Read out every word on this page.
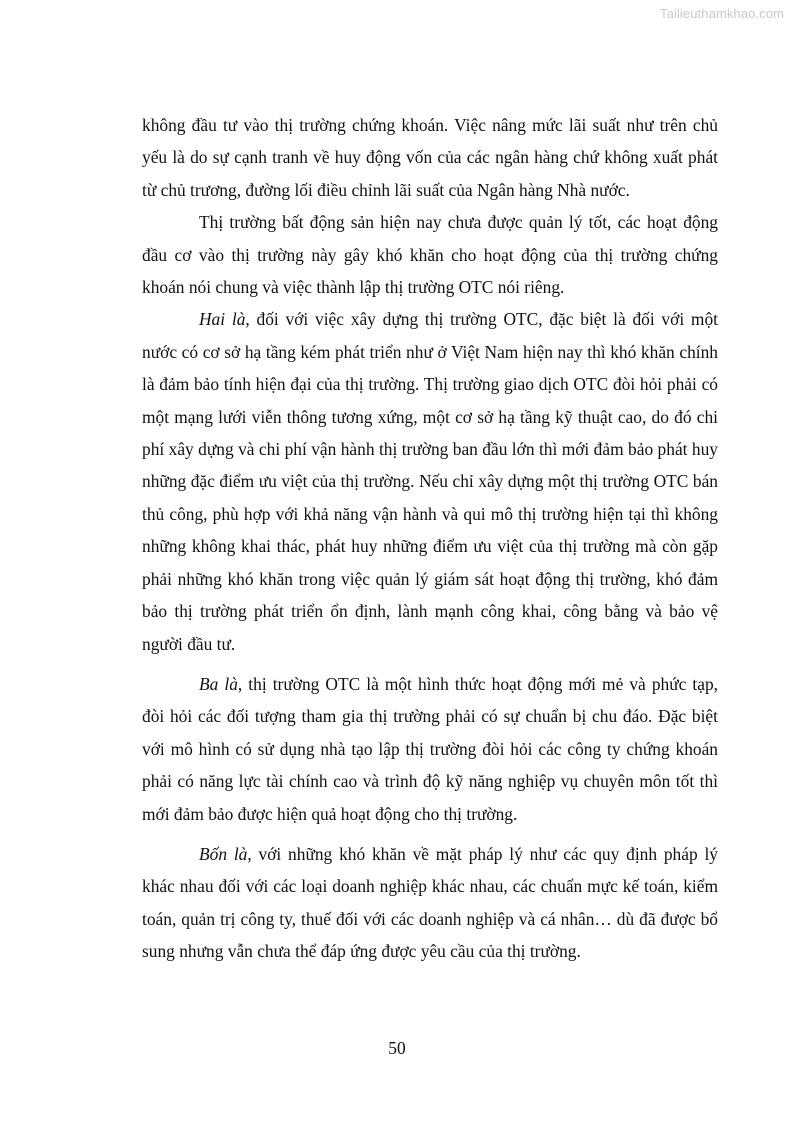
Tailieuthamkhao.com

không đầu tư vào thị trường chứng khoán. Việc nâng mức lãi suất như trên chủ yếu là do sự cạnh tranh về huy động vốn của các ngân hàng chứ không xuất phát từ chủ trương, đường lối điều chỉnh lãi suất của Ngân hàng Nhà nước.

Thị trường bất động sản hiện nay chưa được quản lý tốt, các hoạt động đầu cơ vào thị trường này gây khó khăn cho hoạt động của thị trường chứng khoán nói chung và việc thành lập thị trường OTC nói riêng.

Hai là, đối với việc xây dựng thị trường OTC, đặc biệt là đối với một nước có cơ sở hạ tầng kém phát triển như ở Việt Nam hiện nay thì khó khăn chính là đảm bảo tính hiện đại của thị trường. Thị trường giao dịch OTC đòi hỏi phải có một mạng lưới viễn thông tương xứng, một cơ sở hạ tầng kỹ thuật cao, do đó chi phí xây dựng và chi phí vận hành thị trường ban đầu lớn thì mới đảm bảo phát huy những đặc điểm ưu việt của thị trường. Nếu chỉ xây dựng một thị trường OTC bán thủ công, phù hợp với khả năng vận hành và qui mô thị trường hiện tại thì không những không khai thác, phát huy những điểm ưu việt của thị trường mà còn gặp phải những khó khăn trong việc quản lý giám sát hoạt động thị trường, khó đảm bảo thị trường phát triển ổn định, lành mạnh công khai, công bằng và bảo vệ người đầu tư.

Ba là, thị trường OTC là một hình thức hoạt động mới mẻ và phức tạp, đòi hỏi các đối tượng tham gia thị trường phải có sự chuẩn bị chu đáo. Đặc biệt với mô hình có sử dụng nhà tạo lập thị trường đòi hỏi các công ty chứng khoán phải có năng lực tài chính cao và trình độ kỹ năng nghiệp vụ chuyên môn tốt thì mới đảm bảo được hiện quả hoạt động cho thị trường.

Bốn là, với những khó khăn về mặt pháp lý như các quy định pháp lý khác nhau đối với các loại doanh nghiệp khác nhau, các chuẩn mực kế toán, kiểm toán, quản trị công ty, thuế đối với các doanh nghiệp và cá nhân… dù đã được bổ sung nhưng vẫn chưa thể đáp ứng được yêu cầu của thị trường.

50
